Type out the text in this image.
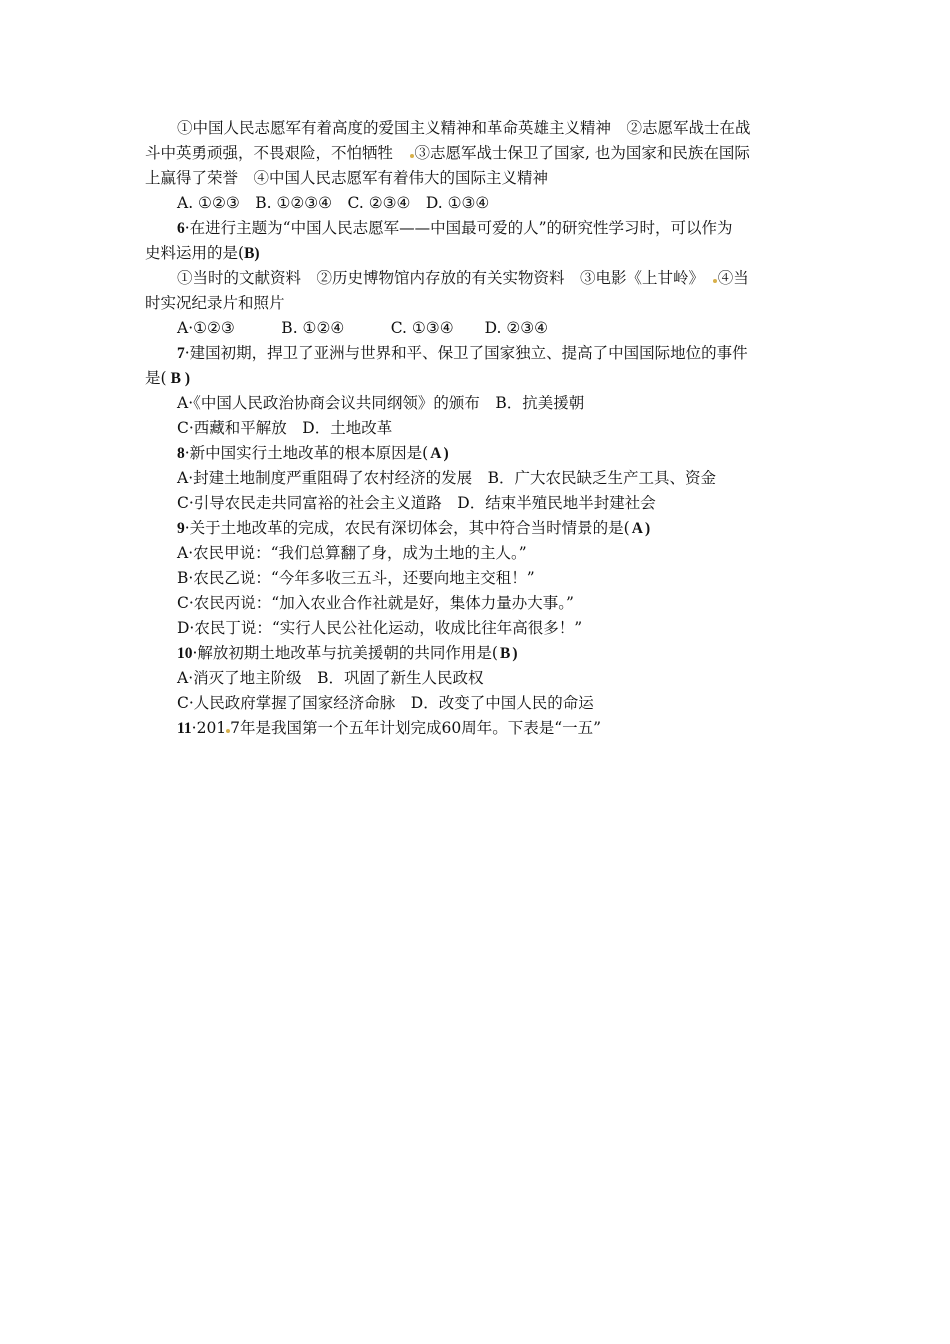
①中国人民志愿军有着高度的爱国主义精神和革命英雄主义精神　②志愿军战士在战
斗中英勇顽强，不畏艰险，不怕牺牲　③志愿军战士保卫了国家, 也为国家和民族在国际
上赢得了荣誉　④中国人民志愿军有着伟大的国际主义精神
A. ①②③　B. ①②③④　C. ②③④　D. ①③④
6·在进行主题为“中国人民志愿军——中国最可爱的人”的研究性学习时，可以作为
史料运用的是(B)
①当时的文献资料　②历史博物馆内存放的有关实物资料　③电影《上甘岭》　④当
时实况纪录片和照片
A·①②③　　　B. ①②④　　　C. ①③④　　D. ②③④
7·建国初期，捍卫了亚洲与世界和平、保卫了国家独立、提高了中国国际地位的事件
是( B )
A·《中国人民政治协商会议共同纲领》的颁布　B．抗美援朝
C·西藏和平解放　D．土地改革
8·新中国实行土地改革的根本原因是( A )
A·封建土地制度严重阻碍了农村经济的发展　B．广大农民缺乏生产工具、资金
C·引导农民走共同富裕的社会主义道路　D．结束半殖民地半封建社会
9·关于土地改革的完成，农民有深切体会，其中符合当时情景的是( A )
A·农民甲说：“我们总算翻了身，成为土地的主人。”
B·农民乙说：“今年多收三五斗，还要向地主交租！”
C·农民丙说：“加入农业合作社就是好，集体力量办大事。”
D·农民丁说：“实行人民公社化运动，收成比往年高很多！”
10·解放初期土地改革与抗美援朝的共同作用是( B )
A·消灭了地主阶级　B．巩固了新生人民政权
C·人民政府掌握了国家经济命脉　D．改变了中国人民的命运
11·201 7年是我国第一个五年计划完成60周年。下表是“一五”
